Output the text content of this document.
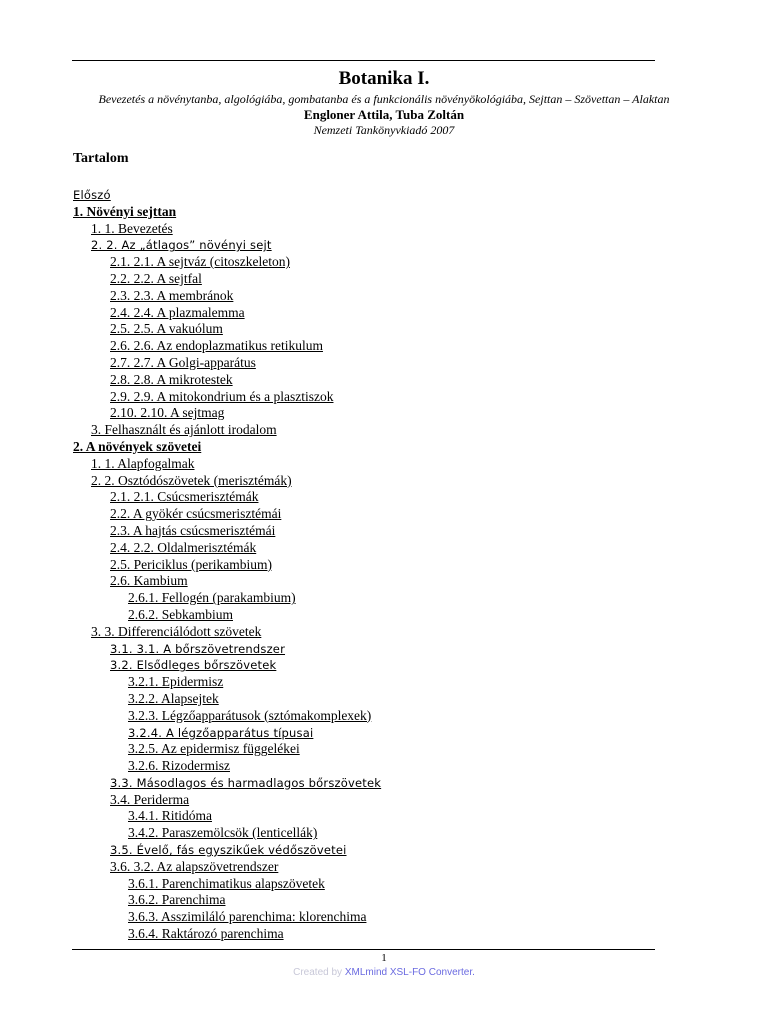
Botanika I.
Bevezetés a növénytanba, algológiába, gombatanba és a funkcionális növényökológiába, Sejttan – Szövettan – Alaktan
Engloner Attila, Tuba Zoltán
Nemzeti Tankönyvkiadó 2007
Tartalom
Előszó
1. Növényi sejttan
1. 1. Bevezetés
2. 2. Az „átlagos” növényi sejt
2.1. 2.1. A sejtváz (citoszkeleton)
2.2. 2.2. A sejtfal
2.3. 2.3. A membránok
2.4. 2.4. A plazmalemma
2.5. 2.5. A vakuólum
2.6. 2.6. Az endoplazmatikus retikulum
2.7. 2.7. A Golgi-apparátus
2.8. 2.8. A mikrotestek
2.9. 2.9. A mitokondrium és a plasztiszok
2.10. 2.10. A sejtmag
3. Felhasznált és ajánlott irodalom
2. A növények szövetei
1. 1. Alapfogalmak
2. 2. Osztódószövetek (merisztémák)
2.1. 2.1. Csúcsmerisztémák
2.2. A gyökér csúcsmerisztémái
2.3. A hajtás csúcsmerisztémái
2.4. 2.2. Oldalmerisztémák
2.5. Periciklus (perikambium)
2.6. Kambium
2.6.1. Fellogén (parakambium)
2.6.2. Sebkambium
3. 3. Differenciálódott szövetek
3.1. 3.1. A bőrszövetrendszer
3.2. Elsődleges bőrszövetek
3.2.1. Epidermisz
3.2.2. Alapsejtek
3.2.3. Légzőapparátusok (sztómakomplexek)
3.2.4. A légzőapparátus típusai
3.2.5. Az epidermisz függelékei
3.2.6. Rizodermisz
3.3. Másodlagos és harmadlagos bőrszövetek
3.4. Periderma
3.4.1. Ritidóma
3.4.2. Paraszemölcsök (lenticellák)
3.5. Évelő, fás egyszikűek védőszövetei
3.6. 3.2. Az alapszövetrendszer
3.6.1. Parenchimatikus alapszövetek
3.6.2. Parenchima
3.6.3. Asszimiláló parenchima: klorenchima
3.6.4. Raktározó parenchima
1
Created by XMLmind XSL-FO Converter.
